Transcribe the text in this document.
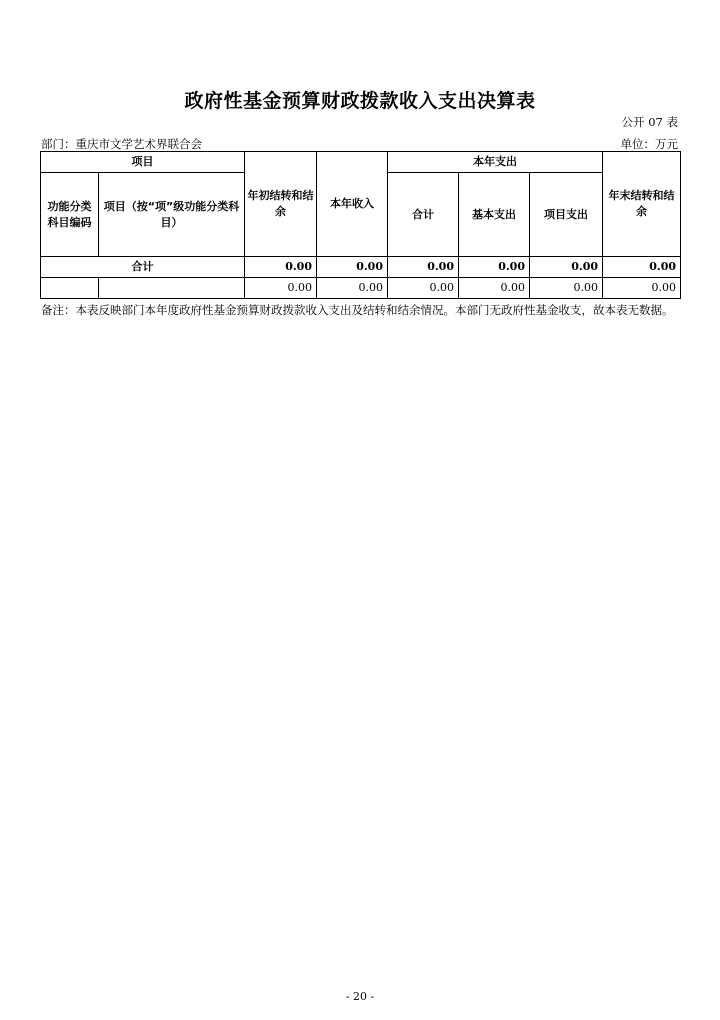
政府性基金预算财政拨款收入支出决算表
公开 07 表
部门：重庆市文学艺术界联合会	单位：万元
项目		年初结转和结余	本年收入	本年支出			年末结转和结余
功能分类科目编码	项目（按“项”级功能分类科目）			合计	基本支出	项目支出	
合计		0.00	0.00	0.00	0.00	0.00	0.00
		0.00	0.00	0.00	0.00	0.00	0.00
备注：本表反映部门本年度政府性基金预算财政拨款收入支出及结转和结余情况。本部门无政府性基金收支，故本表无数据。
- 20 -
